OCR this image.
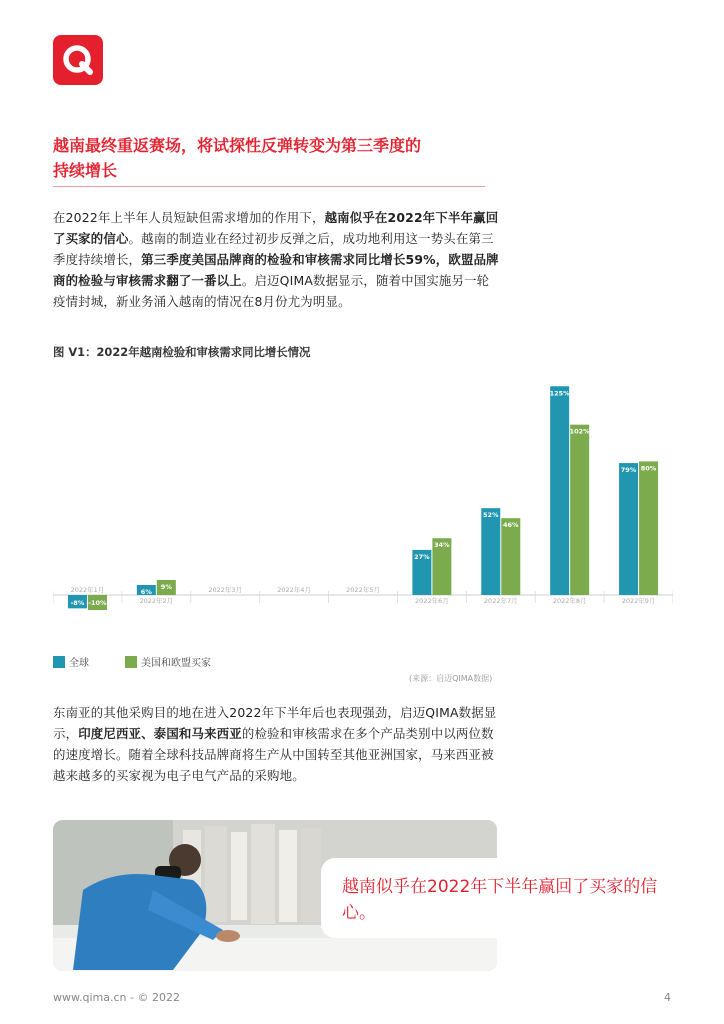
越南最终重返赛场，将试探性反弹转变为第三季度的
持续增长

在2022年上半年人员短缺但需求增加的作用下，越南似乎在2022年下半年赢回了买家的信心。越南的制造业在经过初步反弹之后，成功地利用这一势头在第三季度持续增长，第三季度美国品牌商的检验和审核需求同比增长59%，欧盟品牌商的检验与审核需求翻了一番以上。启迈QIMA数据显示，随着中国实施另一轮疫情封城，新业务涌入越南的情况在8月份尤为明显。

图 V1：2022年越南检验和审核需求同比增长情况
-8% -10%
2022年1月	6%
9%
2022年2月
2022年3月	2022年4月	2022年5月
27%
34%
2022年6月
52%
46%
2022年7月
125%
102%
2022年8月
79% 80%
2022年9月
全球	美国和欧盟买家
(来源：启迈QIMA数据)

东南亚的其他采购目的地在进入2022年下半年后也表现强劲，启迈QIMA数据显示，印度尼西亚、泰国和马来西亚的检验和审核需求在多个产品类别中以两位数的速度增长。随着全球科技品牌商将生产从中国转至其他亚洲国家，马来西亚被越来越多的买家视为电子电气产品的采购地。

越南似乎在2022年下半年赢回了买家的信心。
www.qima.cn - © 2022	4
